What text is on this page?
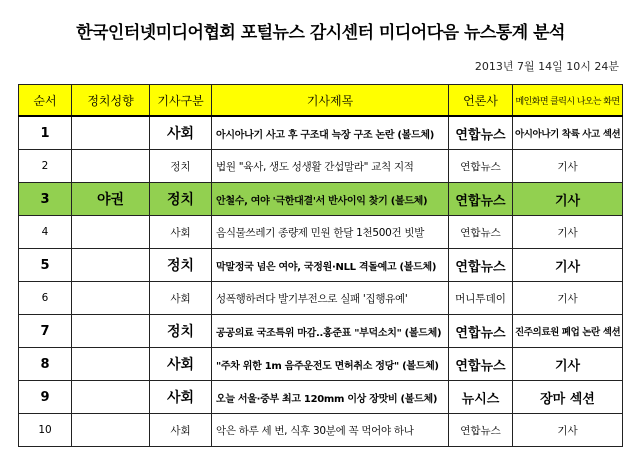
한국인터넷미디어협회 포털뉴스 감시센터 미디어다음 뉴스통계 분석
2013년 7월 14일 10시 24분
순서	정치성향	기사구분	기사제목	언론사	메인화면 클릭시 나오는 화면
1		사회	아시아나기 사고 후 구조대 늑장 구조 논란 (볼드체)	연합뉴스	아시아나기 착륙 사고 섹션
2		정치	법원 "육사, 생도 성생활 간섭말라" 교칙 지적	연합뉴스	기사
3	야권	정치	안철수, 여야 '극한대결'서 반사이익 찾기 (볼드체)	연합뉴스	기사
4		사회	음식물쓰레기 종량제 민원 한달 1천500건 빗발	연합뉴스	기사
5		정치	막말정국 넘은 여야, 국정원·NLL 격돌예고 (볼드체)	연합뉴스	기사
6		사회	성폭행하려다 발기부전으로 실패 '집행유예'	머니투데이	기사
7		정치	공공의료 국조특위 마감..홍준표 "부덕소치" (볼드체)	연합뉴스	진주의료원 폐업 논란 섹션
8		사회	"주차 위한 1m 음주운전도 면허취소 정당" (볼드체)	연합뉴스	기사
9		사회	오늘 서울·중부 최고 120mm 이상 장맛비 (볼드체)	뉴시스	장마 섹션
10		사회	악은 하루 세 번, 식후 30분에 꼭 먹어야 하나	연합뉴스	기사
